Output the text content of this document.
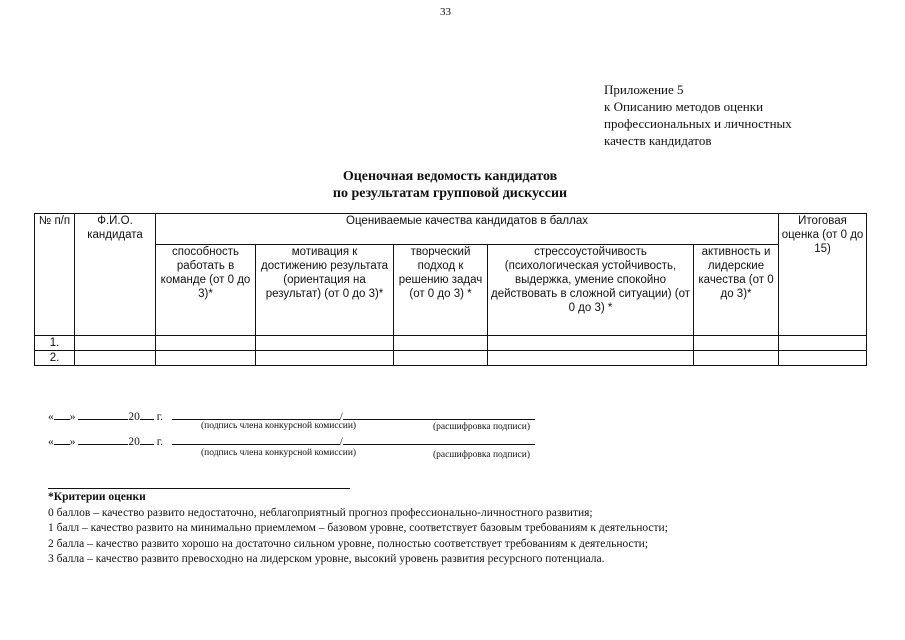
33
Приложение 5
к Описанию методов оценки
профессиональных и личностных
качеств кандидатов
Оценочная ведомость кандидатов
по результатам групповой дискуссии
№ п/п	Ф.И.О. кандидата	Оцениваемые качества кандидатов в баллах					Итоговая оценка (от 0 до 15)
		способность работать в команде (от 0 до 3)*	мотивация к достижению результата (ориентация на результат) (от 0 до 3)*	творческий подход к решению задач (от 0 до 3) *	стрессоустойчивость (психологическая устойчивость, выдержка, умение спокойно действовать в сложной ситуации) (от 0 до 3) *	активность и лидерские качества (от 0 до 3)*	
1.							
2.							
« »	20 г.	/
(подпись члена конкурсной комиссии)	(расшифровка подписи)
« »	20 г.	/
(подпись члена конкурсной комиссии)	(расшифровка подписи)
*Критерии оценки
0 баллов – качество развито недостаточно, неблагоприятный прогноз профессионально-личностного развития;
1 балл – качество развито на минимально приемлемом – базовом уровне, соответствует базовым требованиям к деятельности;
2 балла – качество развито хорошо на достаточно сильном уровне, полностью соответствует требованиям к деятельности;
3 балла – качество развито превосходно на лидерском уровне, высокий уровень развития ресурсного потенциала.
